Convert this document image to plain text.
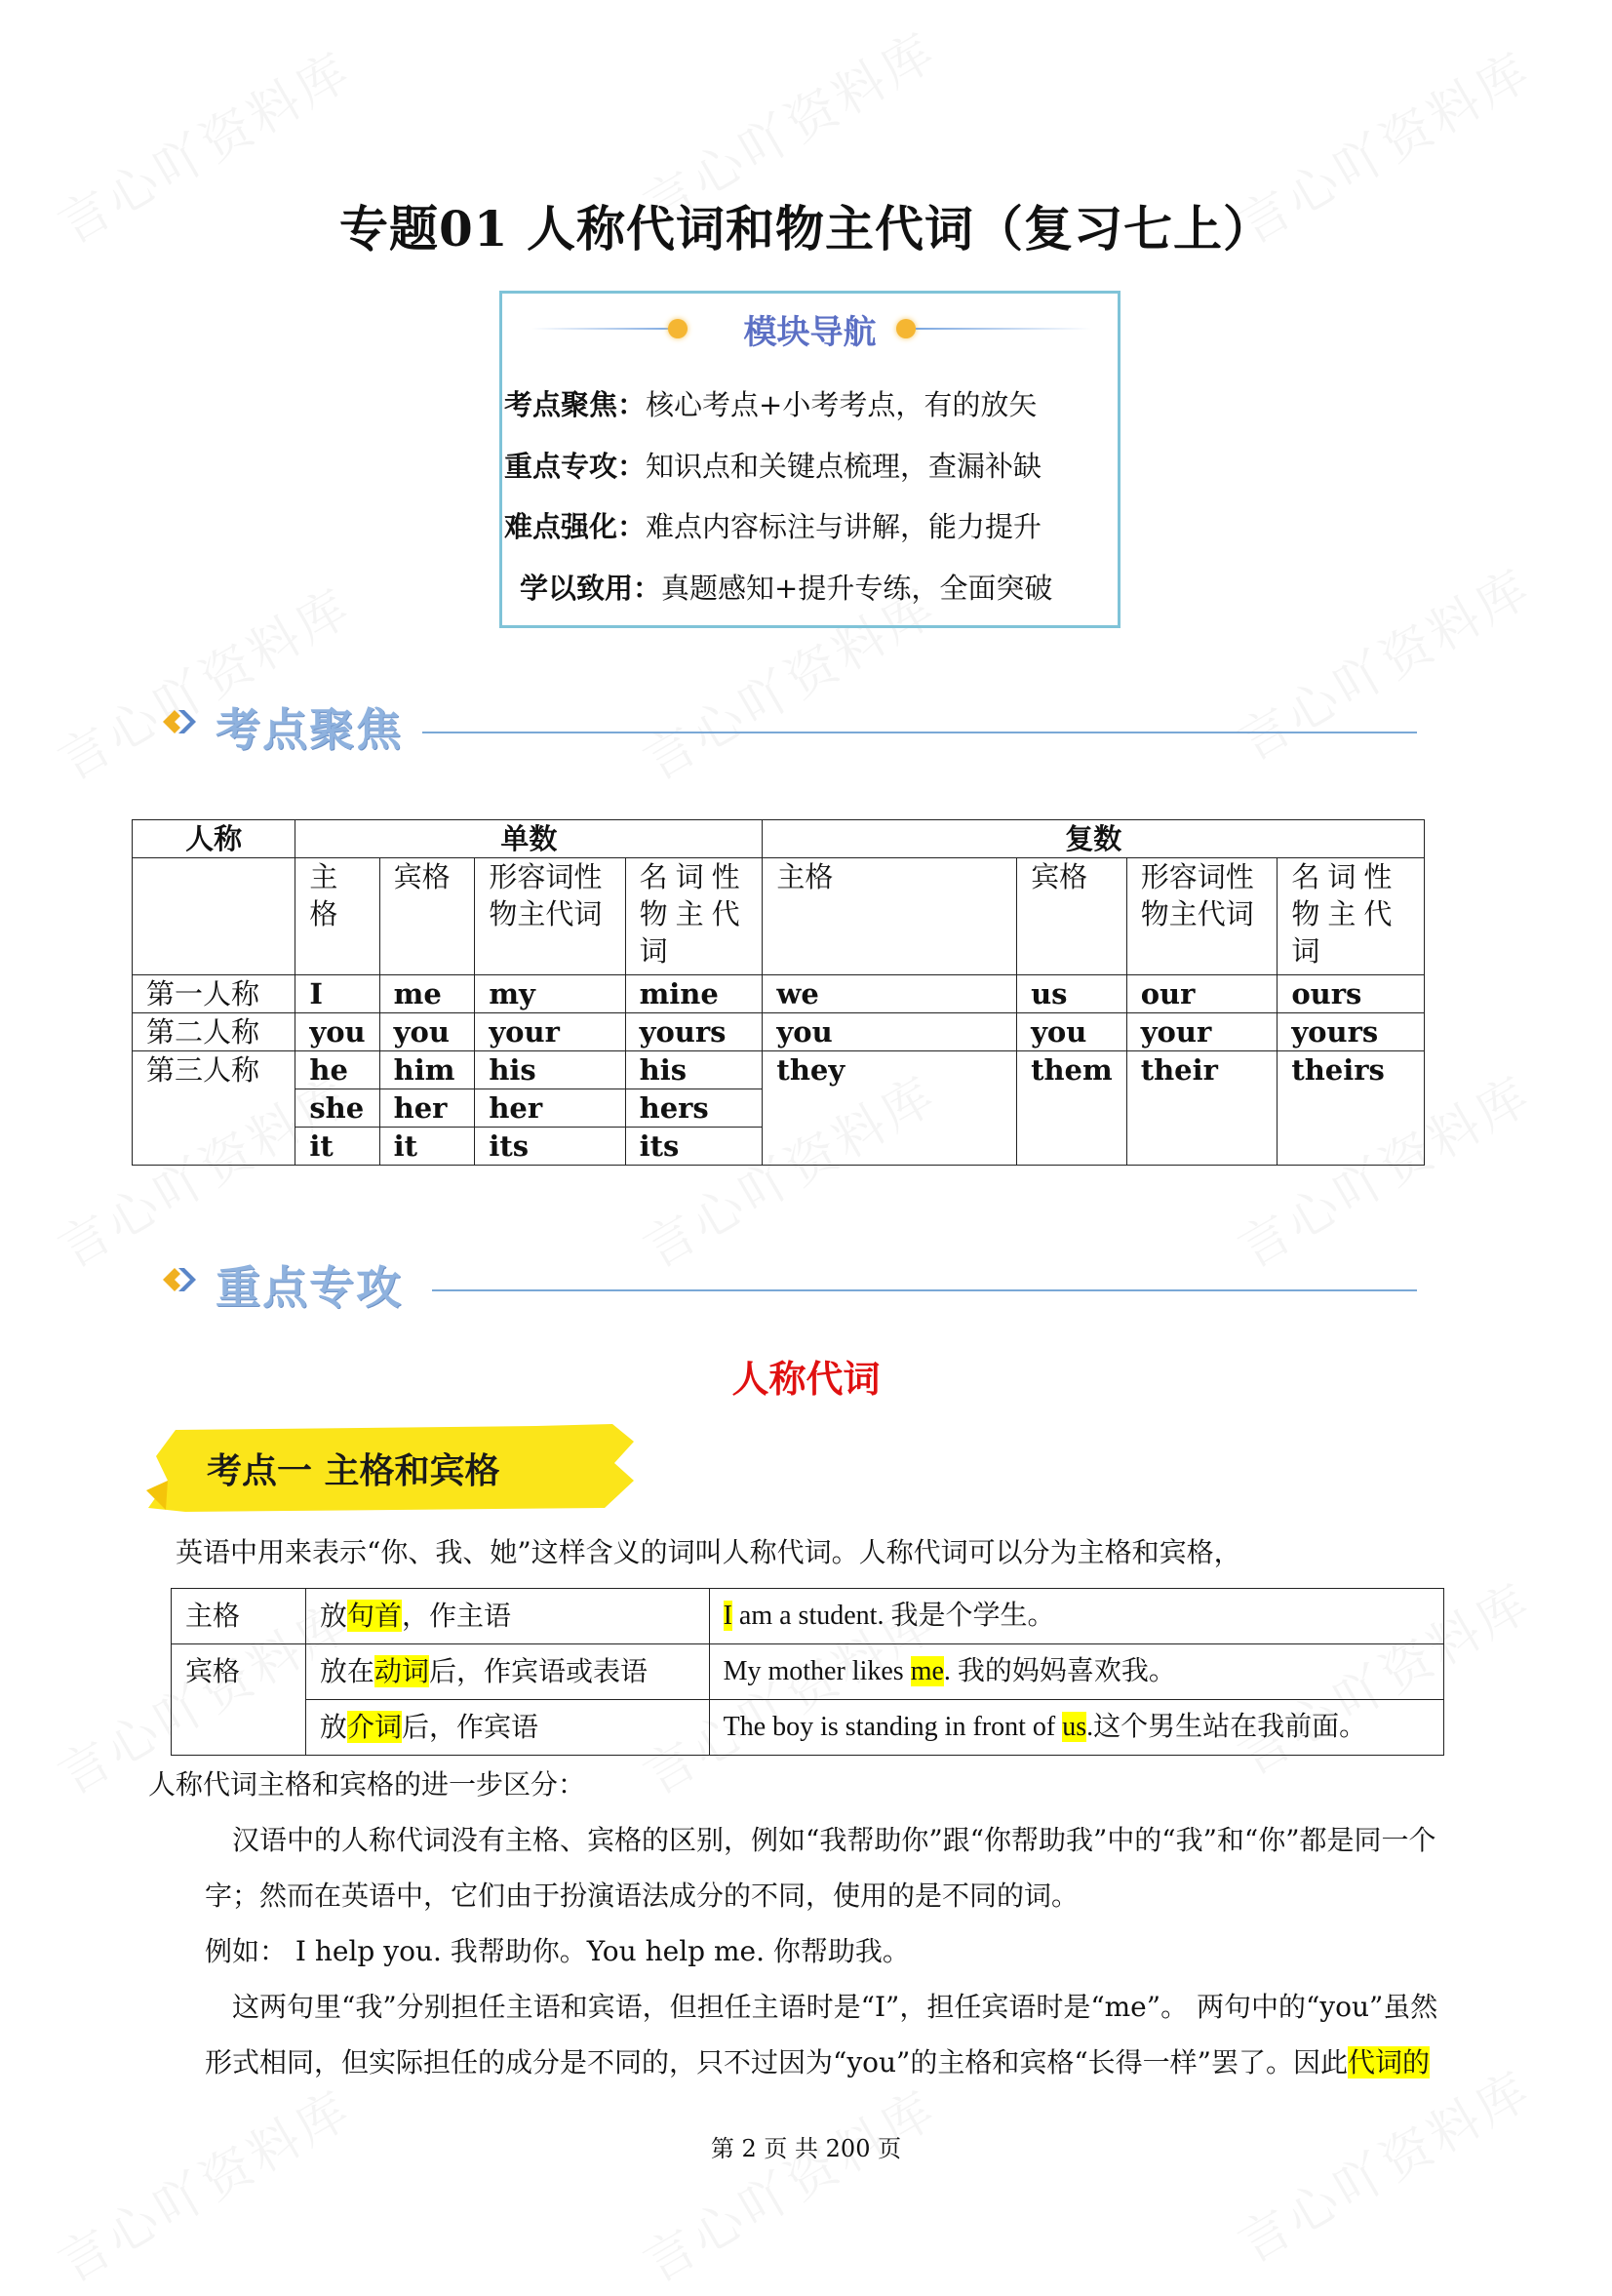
专题01 人称代词和物主代词（复习七上）
模块导航
考点聚焦：核心考点+小考考点，有的放矢
重点专攻：知识点和关键点梳理，查漏补缺
难点强化：难点内容标注与讲解，能力提升
学以致用：真题感知+提升专练，全面突破
考点聚焦
人称	单数				复数			
	主格	宾格	形容词性物主代词	名词性物主代词	主格	宾格	形容词性物主代词	名词性物主代词
第一人称	I	me	my	mine	we	us	our	ours
第二人称	you	you	your	yours	you	you	your	yours
第三人称	he	him	his	his	they	them	their	theirs
	she	her	her	hers				
	it	it	its	its				
重点专攻
人称代词
考点一 主格和宾格
英语中用来表示“你、我、她”这样含义的词叫人称代词。人称代词可以分为主格和宾格，
主格	放句首，作主语	I am a student. 我是个学生。
宾格	放在动词后，作宾语或表语	My mother likes me. 我的妈妈喜欢我。
	放介词后，作宾语	The boy is standing in front of us.这个男生站在我前面。
人称代词主格和宾格的进一步区分：
汉语中的人称代词没有主格、宾格的区别，例如“我帮助你”跟“你帮助我”中的“我”和“你”都是同一个
字；然而在英语中，它们由于扮演语法成分的不同，使用的是不同的词。
例如： I help you. 我帮助你。You help me. 你帮助我。
这两句里“我”分别担任主语和宾语，但担任主语时是“I”，担任宾语时是“me”。 两句中的“you”虽然
形式相同，但实际担任的成分是不同的，只不过因为“you”的主格和宾格“长得一样”罢了。因此代词的
第 2 页 共 200 页
